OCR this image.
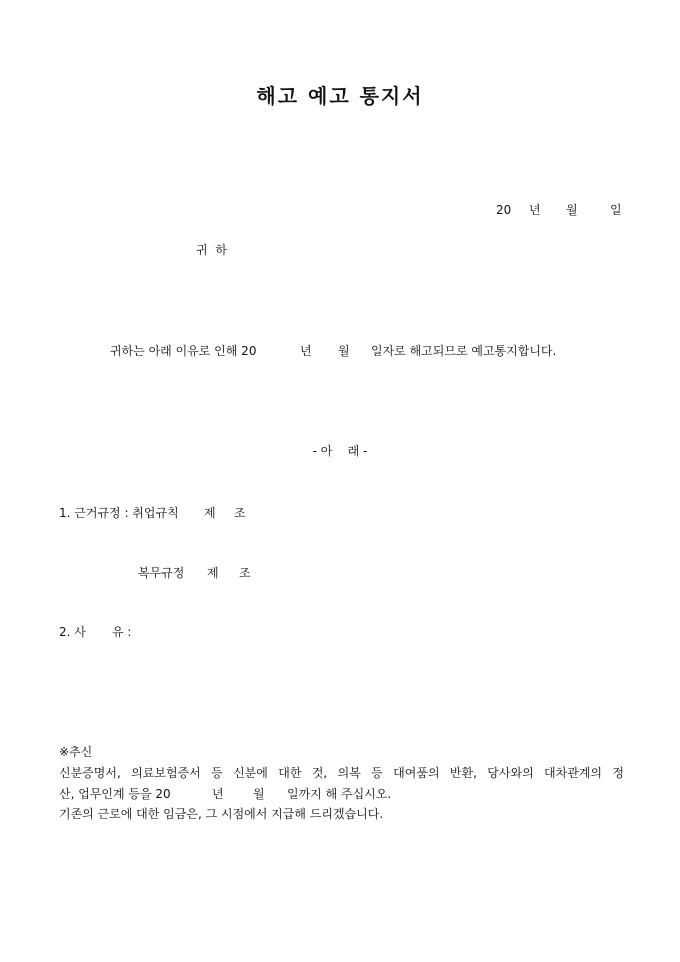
해고 예고 통지서
20 년 월	일
귀 하
귀하는 아래 이유로 인해 20	년 월 일자로 해고되므로 예고통지합니다.
- 아    래 -
1. 근거규정 : 취업규칙 제 조
복무규정 제 조
2. 사 유 :
※추신
신분증명서, 의료보험증서 등 신분에 대한 것, 의복 등 대여품의 반환, 당사와의 대차관계의 정
산, 업무인계 등을 20	년 월 일까지 해 주십시오.
기존의 근로에 대한 임금은, 그 시점에서 지급해 드리겠습니다.
